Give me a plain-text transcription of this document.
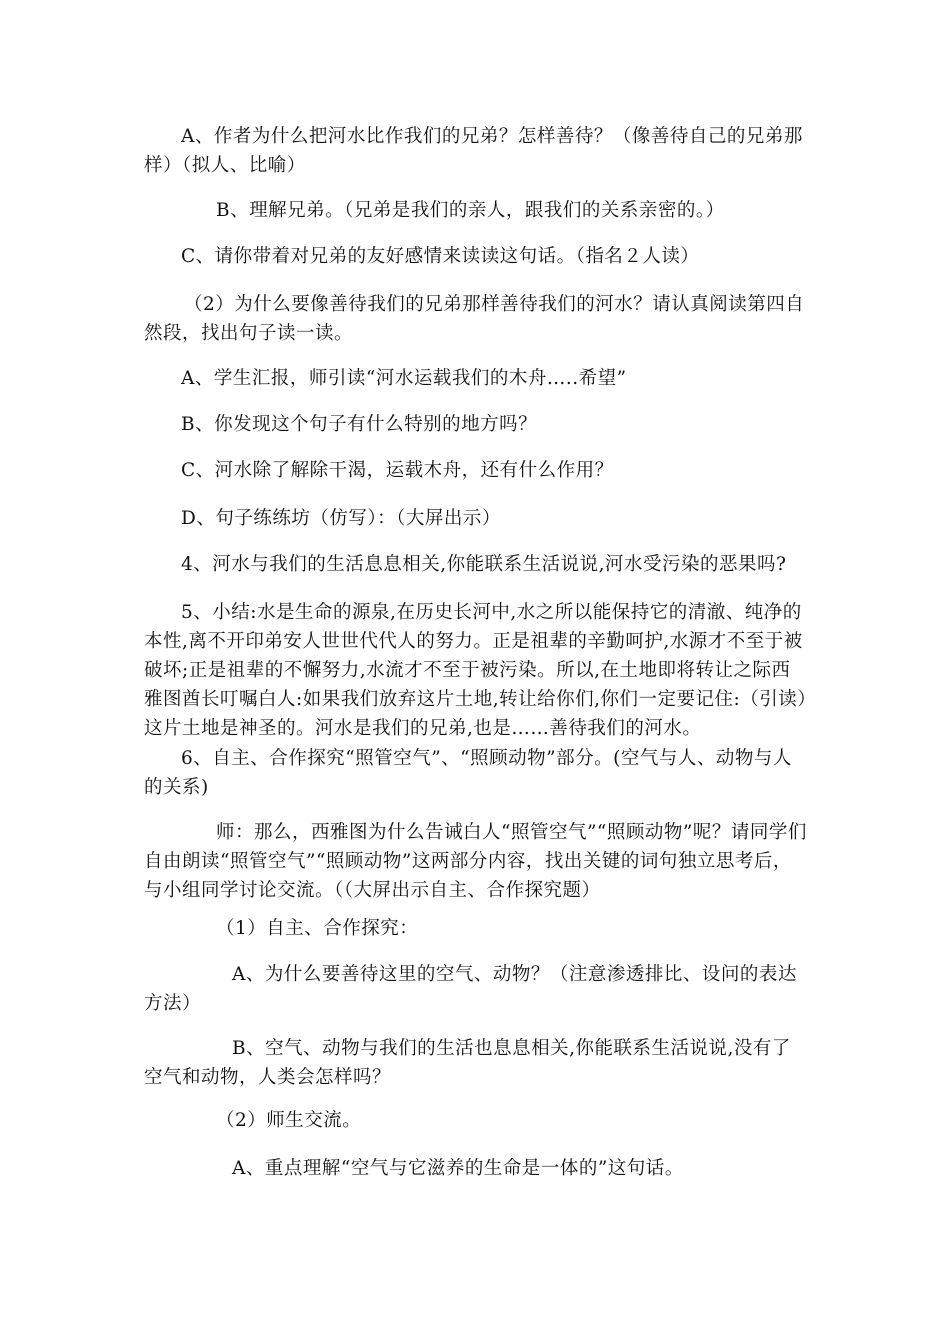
A、作者为什么把河水比作我们的兄弟？怎样善待？（像善待自己的兄弟那样）（拟人、比喻）

B、理解兄弟。（兄弟是我们的亲人，跟我们的关系亲密的。）

C、请你带着对兄弟的友好感情来读读这句话。（指名２人读）

（2）为什么要像善待我们的兄弟那样善待我们的河水？请认真阅读第四自然段，找出句子读一读。

A、学生汇报，师引读“河水运载我们的木舟…..希望”

B、你发现这个句子有什么特别的地方吗？

C、河水除了解除干渴，运载木舟，还有什么作用？

D、句子练练坊（仿写）：（大屏出示）

4、河水与我们的生活息息相关,你能联系生活说说,河水受污染的恶果吗?

5、小结:水是生命的源泉,在历史长河中,水之所以能保持它的清澈、纯净的本性,离不开印弟安人世世代代人的努力。正是祖辈的辛勤呵护,水源才不至于被破坏;正是祖辈的不懈努力,水流才不至于被污染。所以,在土地即将转让之际西雅图酋长叮嘱白人:如果我们放弃这片土地,转让给你们,你们一定要记住:（引读）这片土地是神圣的。河水是我们的兄弟,也是……善待我们的河水。

6、自主、合作探究“照管空气”、“照顾动物”部分。(空气与人、动物与人的关系)

师：那么，西雅图为什么告诫白人“照管空气”“照顾动物”呢？请同学们自由朗读“照管空气”“照顾动物”这两部分内容，找出关键的词句独立思考后，与小组同学讨论交流。（（大屏出示自主、合作探究题）

（1）自主、合作探究：

A、为什么要善待这里的空气、动物？（注意渗透排比、设问的表达方法）

B、空气、动物与我们的生活也息息相关,你能联系生活说说,没有了空气和动物，人类会怎样吗？

（2）师生交流。

A、重点理解“空气与它滋养的生命是一体的”这句话。
